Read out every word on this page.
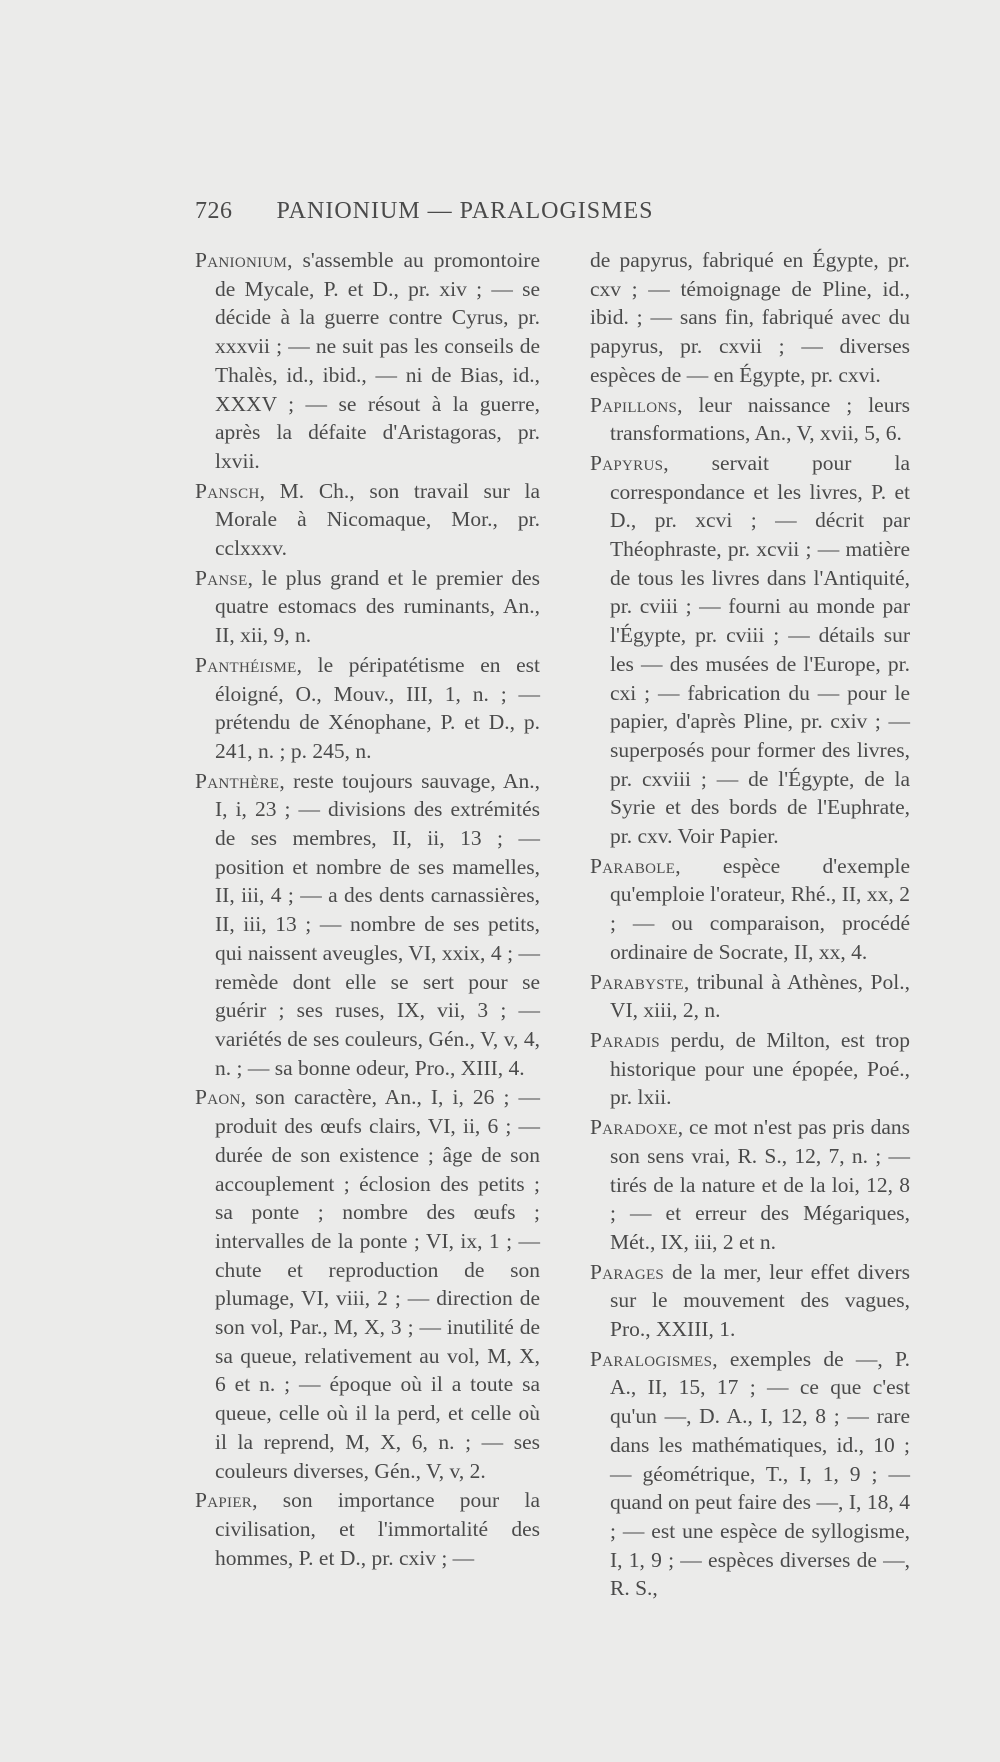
726	PANIONIUM — PARALOGISMES

Panionium, s'assemble au promontoire de Mycale, P. et D., pr. xiv ; — se décide à la guerre contre Cyrus, pr. xxxvii ; — ne suit pas les conseils de Thalès, id., ibid., — ni de Bias, id., XXXV ; — se résout à la guerre, après la défaite d'Aristagoras, pr. lxvii.

Pansch, M. Ch., son travail sur la Morale à Nicomaque, Mor., pr. cclxxxv.

Panse, le plus grand et le premier des quatre estomacs des ruminants, An., II, xii, 9, n.

Panthéisme, le péripatétisme en est éloigné, O., Mouv., III, 1, n. ; — prétendu de Xénophane, P. et D., p. 241, n. ; p. 245, n.

Panthère, reste toujours sauvage, An., I, i, 23 ; — divisions des extrémités de ses membres, II, ii, 13 ; — position et nombre de ses mamelles, II, iii, 4 ; — a des dents carnassières, II, iii, 13 ; — nombre de ses petits, qui naissent aveugles, VI, xxix, 4 ; — remède dont elle se sert pour se guérir ; ses ruses, IX, vii, 3 ; — variétés de ses couleurs, Gén., V, v, 4, n. ; — sa bonne odeur, Pro., XIII, 4.

Paon, son caractère, An., I, i, 26 ; — produit des œufs clairs, VI, ii, 6 ; — durée de son existence ; âge de son accouplement ; éclosion des petits ; sa ponte ; nombre des œufs ; intervalles de la ponte ; VI, ix, 1 ; — chute et reproduction de son plumage, VI, viii, 2 ; — direction de son vol, Par., M, X, 3 ; — inutilité de sa queue, relativement au vol, M, X, 6 et n. ; — époque où il a toute sa queue, celle où il la perd, et celle où il la reprend, M, X, 6, n. ; — ses couleurs diverses, Gén., V, v, 2.

Papier, son importance pour la civilisation, et l'immortalité des hommes, P. et D., pr. cxiv ; —

de papyrus, fabriqué en Égypte, pr. cxv ; — témoignage de Pline, id., ibid. ; — sans fin, fabriqué avec du papyrus, pr. cxvii ; — diverses espèces de — en Égypte, pr. cxvi.

Papillons, leur naissance ; leurs transformations, An., V, xvii, 5, 6.

Papyrus, servait pour la correspondance et les livres, P. et D., pr. xcvi ; — décrit par Théophraste, pr. xcvii ; — matière de tous les livres dans l'Antiquité, pr. cviii ; — fourni au monde par l'Égypte, pr. cviii ; — détails sur les — des musées de l'Europe, pr. cxi ; — fabrication du — pour le papier, d'après Pline, pr. cxiv ; — superposés pour former des livres, pr. cxviii ; — de l'Égypte, de la Syrie et des bords de l'Euphrate, pr. cxv. Voir Papier.

Parabole, espèce d'exemple qu'emploie l'orateur, Rhé., II, xx, 2 ; — ou comparaison, procédé ordinaire de Socrate, II, xx, 4.

Parabyste, tribunal à Athènes, Pol., VI, xiii, 2, n.

Paradis perdu, de Milton, est trop historique pour une épopée, Poé., pr. lxii.

Paradoxe, ce mot n'est pas pris dans son sens vrai, R. S., 12, 7, n. ; — tirés de la nature et de la loi, 12, 8 ; — et erreur des Mégariques, Mét., IX, iii, 2 et n.

Parages de la mer, leur effet divers sur le mouvement des vagues, Pro., XXIII, 1.

Paralogismes, exemples de —, P. A., II, 15, 17 ; — ce que c'est qu'un —, D. A., I, 12, 8 ; — rare dans les mathématiques, id., 10 ; — géométrique, T., I, 1, 9 ; — quand on peut faire des —, I, 18, 4 ; — est une espèce de syllogisme, I, 1, 9 ; — espèces diverses de —, R. S.,
